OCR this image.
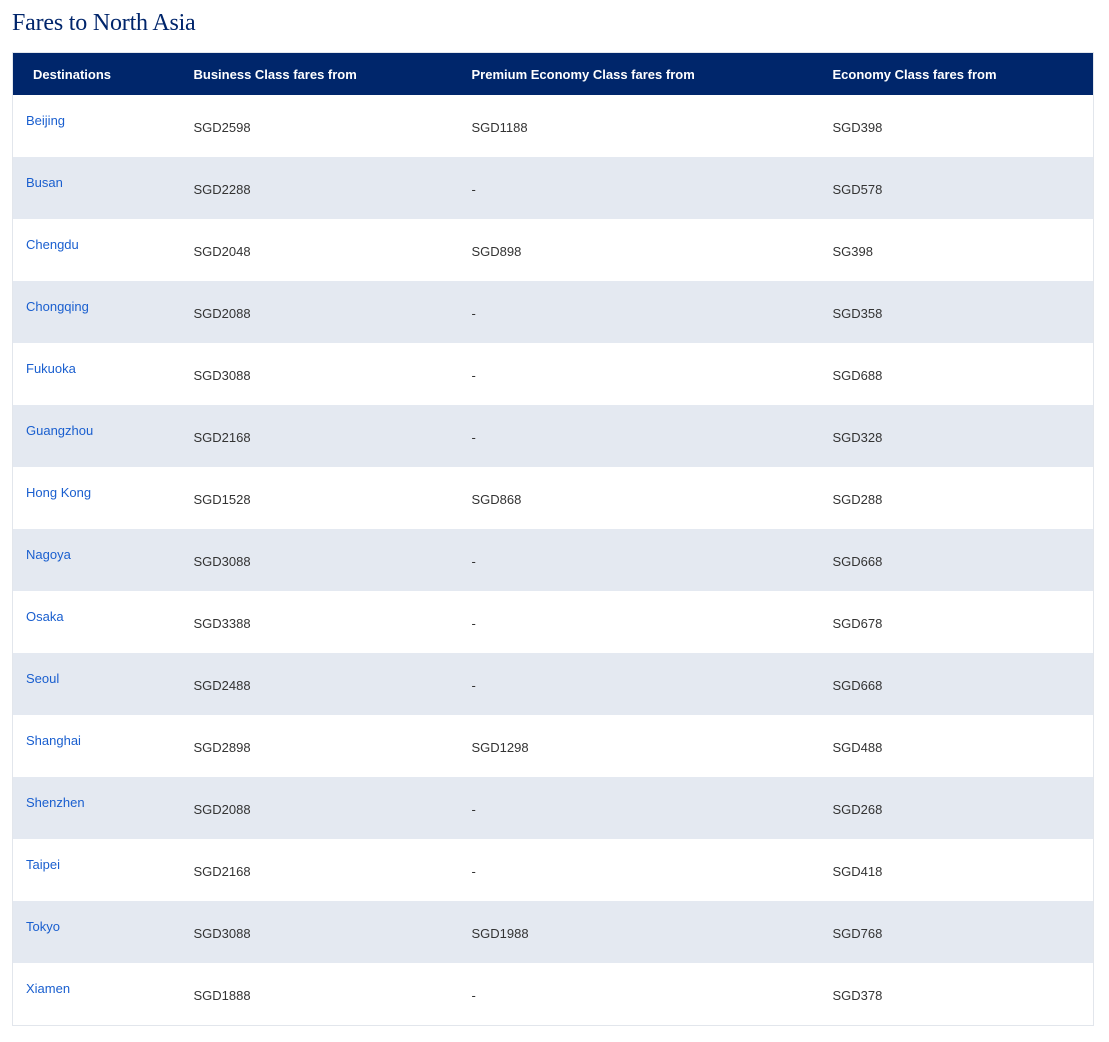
Fares to North Asia
Destinations	Business Class fares from	Premium Economy Class fares from	Economy Class fares from
Beijing	SGD2598	SGD1188	SGD398
Busan	SGD2288	-	SGD578
Chengdu	SGD2048	SGD898	SG398
Chongqing	SGD2088	-	SGD358
Fukuoka	SGD3088	-	SGD688
Guangzhou	SGD2168	-	SGD328
Hong Kong	SGD1528	SGD868	SGD288
Nagoya	SGD3088	-	SGD668
Osaka	SGD3388	-	SGD678
Seoul	SGD2488	-	SGD668
Shanghai	SGD2898	SGD1298	SGD488
Shenzhen	SGD2088	-	SGD268
Taipei	SGD2168	-	SGD418
Tokyo	SGD3088	SGD1988	SGD768
Xiamen	SGD1888	-	SGD378
